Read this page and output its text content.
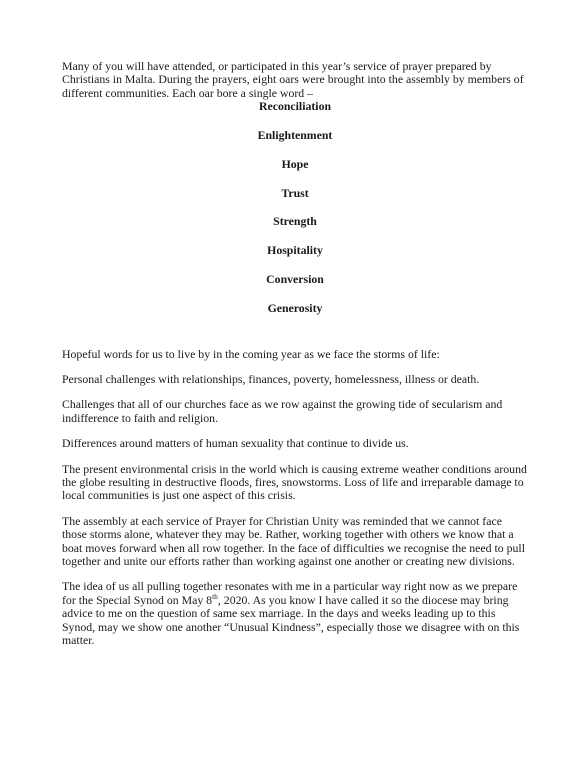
Many of you will have attended, or participated in this year’s service of prayer prepared by Christians in Malta. During the prayers, eight oars were brought into the assembly by members of different communities. Each oar bore a single word –

Reconciliation
Enlightenment
Hope
Trust
Strength
Hospitality
Conversion
Generosity

Hopeful words for us to live by in the coming year as we face the storms of life:

Personal challenges with relationships, finances, poverty, homelessness, illness or death.

Challenges that all of our churches face as we row against the growing tide of secularism and indifference to faith and religion.

Differences around matters of human sexuality that continue to divide us.

The present environmental crisis in the world which is causing extreme weather conditions around the globe resulting in destructive floods, fires, snowstorms. Loss of life and irreparable damage to local communities is just one aspect of this crisis.

The assembly at each service of Prayer for Christian Unity was reminded that we cannot face those storms alone, whatever they may be. Rather, working together with others we know that a boat moves forward when all row together. In the face of difficulties we recognise the need to pull together and unite our efforts rather than working against one another or creating new divisions.

The idea of us all pulling together resonates with me in a particular way right now as we prepare for the Special Synod on May 8th, 2020. As you know I have called it so the diocese may bring advice to me on the question of same sex marriage. In the days and weeks leading up to this Synod, may we show one another “Unusual Kindness”, especially those we disagree with on this matter.
